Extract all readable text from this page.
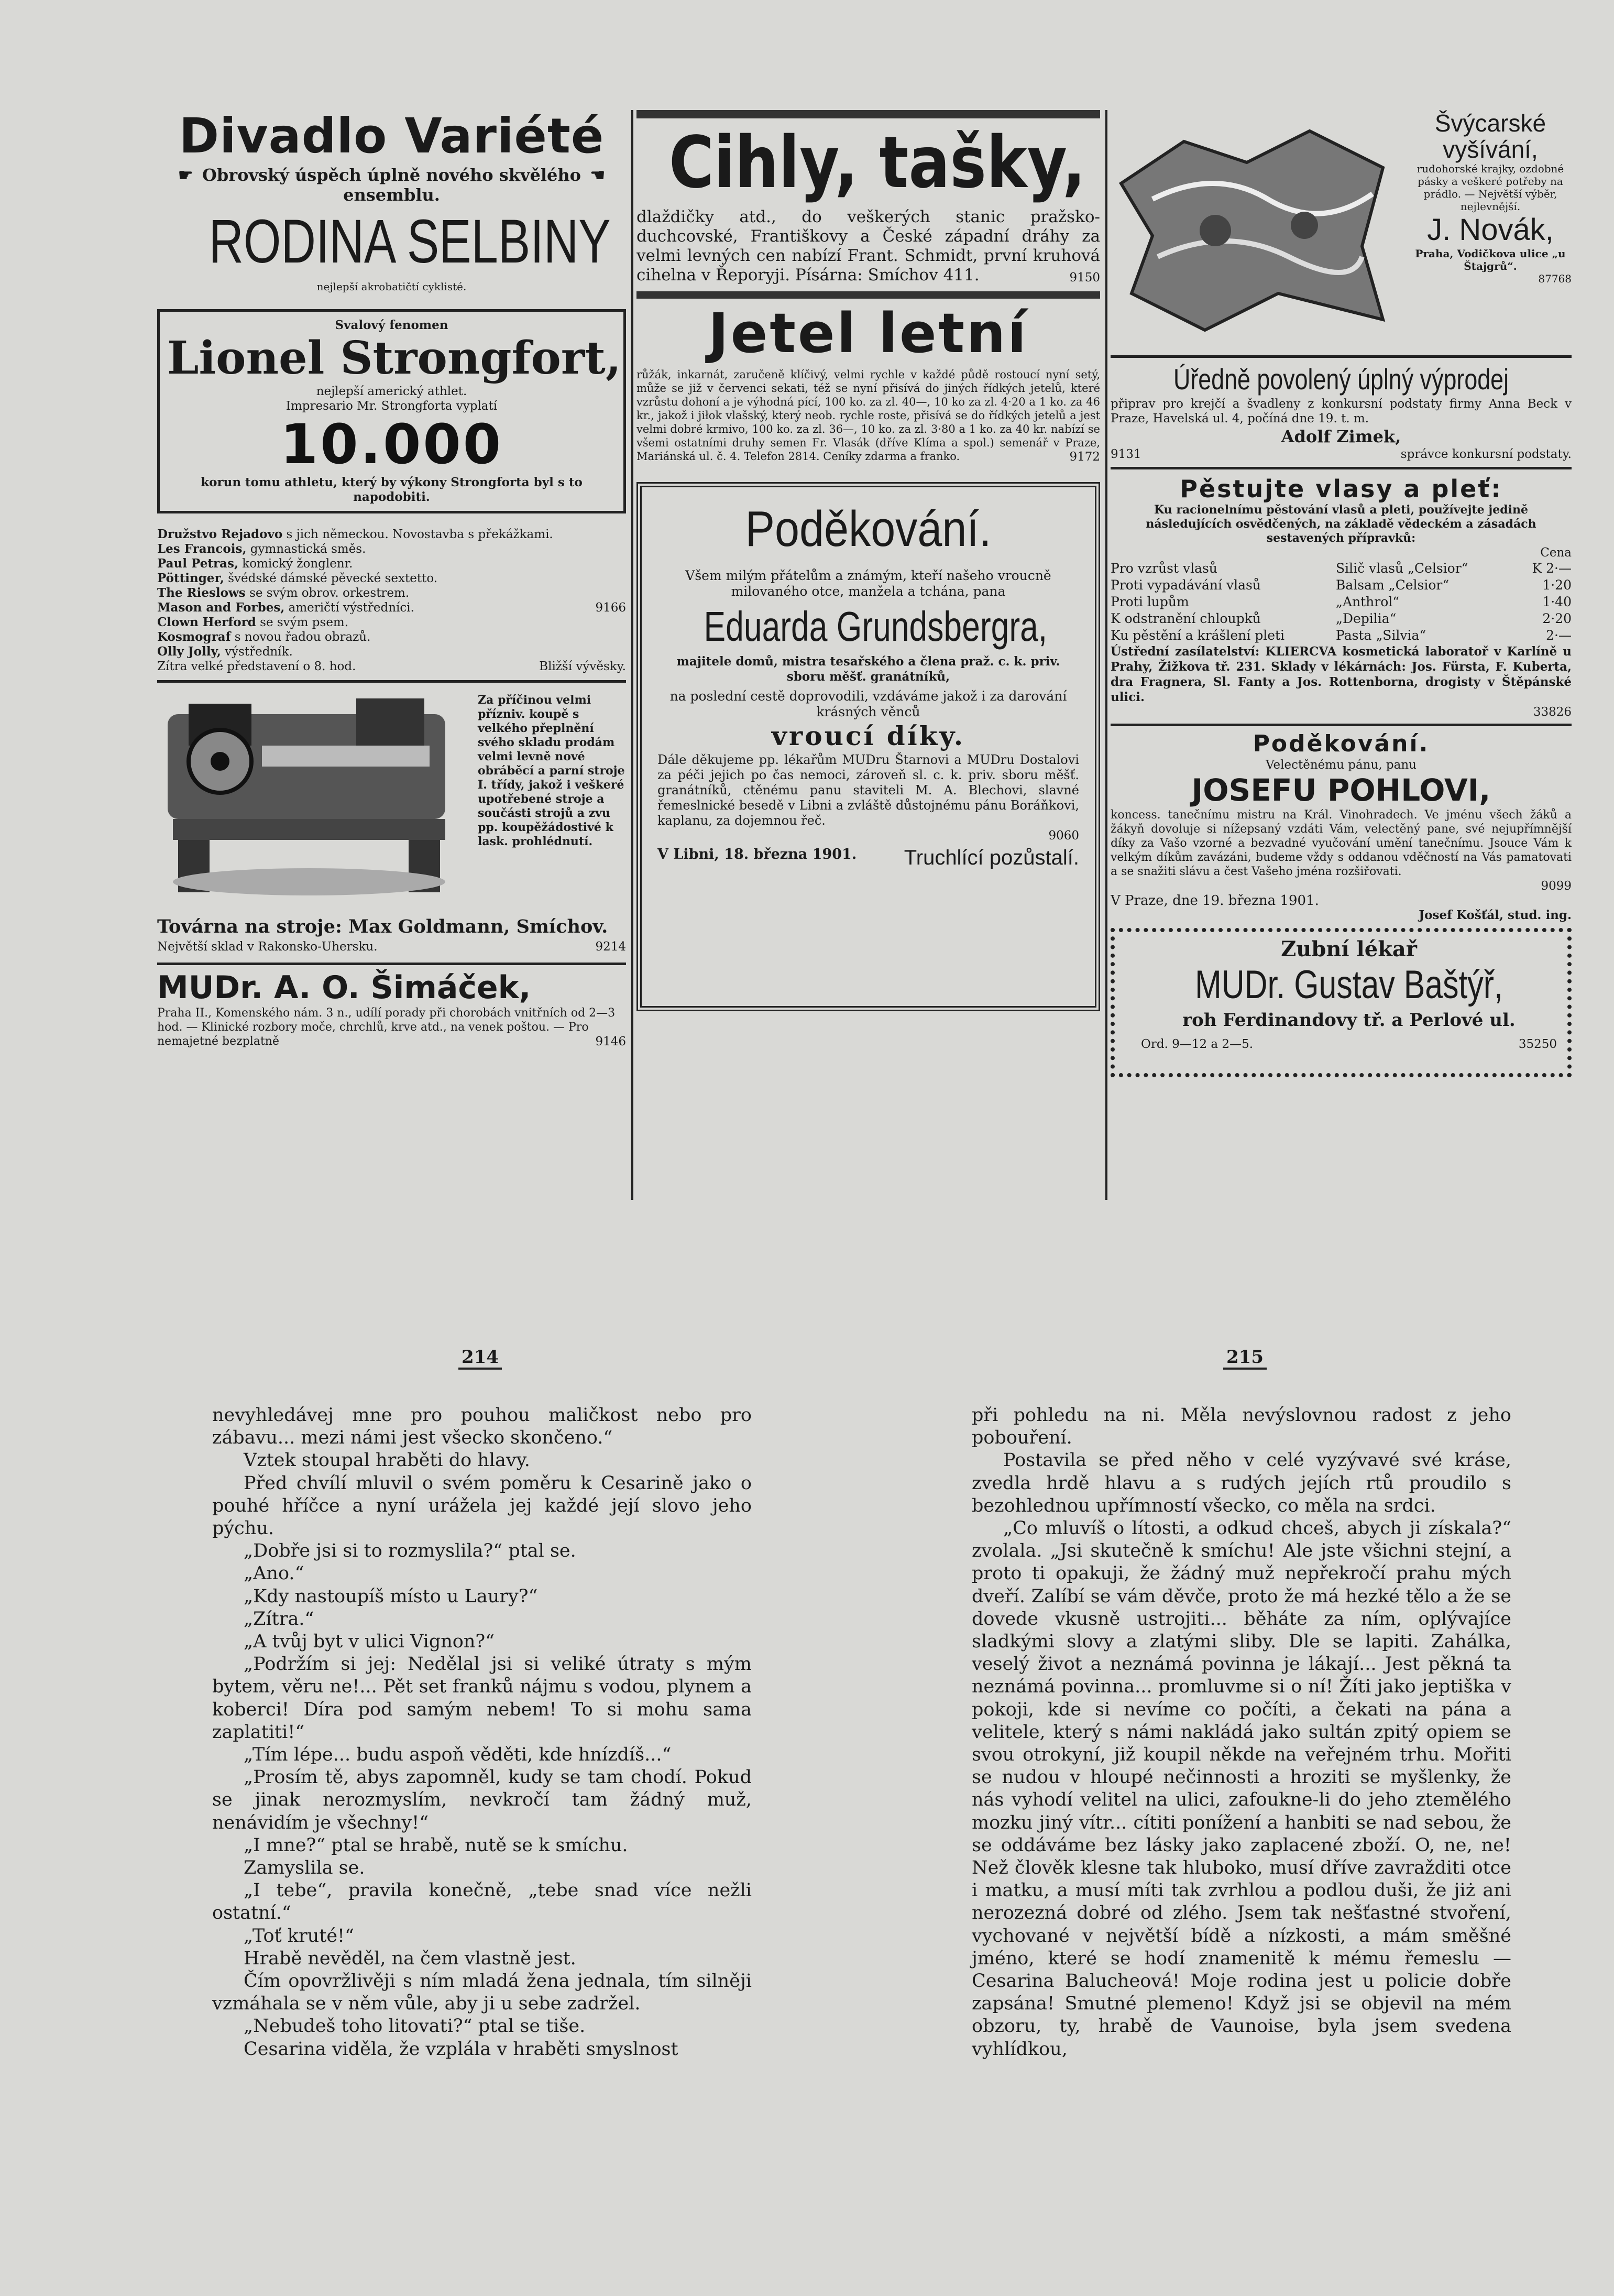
Divadlo Variété
☛	☚
Obrovský úspěch úplně nového skvělého ensemblu.
RODINA SELBINY
nejlepší akrobatičtí cyklisté.
Svalový fenomen
Lionel Strongfort,
nejlepší americký athlet.
Impresario Mr. Strongforta vyplatí
10.000
korun tomu athletu, který by výkony Strongforta byl s to napodobiti.
Družstvo Rejadovo s jich německou. Novostavba s překážkami.
Les Francois, gymnastická směs.
Paul Petras, komický žonglenr.
Pöttinger, švédské dámské pěvecké sextetto.
The Rieslows se svým obrov. orkestrem.
Mason and Forbes, američtí výstředníci.	9166
Clown Herford se svým psem.
Kosmograf s novou řadou obrazů.
Olly Jolly, výstředník.
Zítra velké představení o 8. hod.	Bližší vývěsky.
Za příčinou velmi přízniv. koupě s velkého přeplnění svého skladu prodám velmi levně nové obráběcí a parní stroje I. třídy, jakož i veškeré upotřebené stroje a součásti strojů a zvu pp. koupěžádostivé k lask. prohlédnutí.
Továrna na stroje: Max Goldmann, Smíchov.
Největší sklad v Rakonsko-Uhersku.	9214
MUDr. A. O. Šimáček,
Praha II., Komenského nám. 3 n., udílí porady při chorobách vnitřních od 2—3 hod. — Klinické rozbory moče, chrchlů, krve atd., na venek poštou. — Pro nemajetné bezplatně	9146
Cihly, tašky,
dlaždičky atd., do veškerých stanic pražsko-duchcovské, Františkovy a České západní dráhy za velmi levných cen nabízí Frant. Schmidt, první kruhová cihelna v Řeporyji. Písárna: Smíchov 411.	9150
Jetel letní
růžák, inkarnát, zaručeně klíčivý, velmi rychle v každé půdě rostoucí nyní setý, může se již v červenci sekati, též se nyní přisívá do jiných řídkých jetelů, které vzrůstu dohoní a je výhodná pící, 100 ko. za zl. 40—, 10 ko za zl. 4·20 a 1 ko. za 46 kr., jakož i jiłok vlašský, který neob. rychle roste, přisívá se do řídkých jetelů a jest velmi dobré krmivo, 100 ko. za zl. 36—, 10 ko. za zl. 3·80 a 1 ko. za 40 kr. nabízí se všemi ostatními druhy semen Fr. Vlasák (dříve Klíma a spol.) semenář v Praze, Mariánská ul. č. 4. Telefon 2814. Ceníky zdarma a franko.	9172
Poděkování.
Všem milým přátelům a známým, kteří našeho vroucně milovaného otce, manžela a tchána, pana
Eduarda Grundsbergra,
majitele domů, mistra tesařského a člena praž. c. k. priv. sboru měšť. granátníků,
na poslední cestě doprovodili, vzdáváme jakož i za darování krásných věnců
vroucí díky.
Dále děkujeme pp. lékařům MUDru Štarnovi a MUDru Dostalovi za péči jejich po čas nemoci, zároveň sl. c. k. priv. sboru měšť. granátníků, ctěnému panu staviteli M. A. Blechovi, slavné řemeslnické besedě v Libni a zvláště důstojnému pánu Boráňkovi, kaplanu, za dojemnou řeč.
9060
V Libni, 18. března 1901. Truchlící pozůstalí.
Švýcarské vyšívání,
rudohorské krajky, ozdobné pásky a veškeré potřeby na prádlo. — Největší výběr, nejlevnější.
J. Novák,
Praha, Vodičkova ulice „u Štajgrů“.
87768
Úředně povolený úplný výprodej
připrav pro krejčí a švadleny z konkursní podstaty firmy Anna Beck v Praze, Havelská ul. 4, počíná dne 19. t. m.
Adolf Zimek,
9131	správce konkursní podstaty.
Pěstujte vlasy a pleť:
Ku racionelnímu pěstování vlasů a pleti, používejte jedině následujících osvědčených, na základě vědeckém a zásadách sestavených přípravků:
Cena
Pro vzrůst vlasů	Silič vlasů „Celsior“	K 2·—
Proti vypadávání vlasů	Balsam „Celsior“	1·20
Proti lupům	„Anthrol“	1·40
K odstranění chloupků	„Depilia“	2·20
Ku pěstění a krášlení pleti	Pasta „Silvia“	2·—
Ústřední zasílatelství: KLIERCVA kosmetická laboratoř v Karlíně u Prahy, Žižkova tř. 231. Sklady v lékárnách: Jos. Fürsta, F. Kuberta, dra Fragnera, Sl. Fanty a Jos. Rottenborna, drogisty v Štěpánské ulici.
33826
Poděkování.
Velectěnému pánu, panu
JOSEFU POHLOVI,
koncess. tanečnímu mistru na Král. Vinohradech. Ve jménu všech žáků a žákyň dovoluje si nížepsaný vzdáti Vám, velectěný pane, své nejupřímnější díky za Vašo vzorné a bezvadné vyučování umění tanečnímu. Jsouce Vám k velkým díkům zavázáni, budeme vždy s oddanou vděčností na Vás pamatovati a se snažiti slávu a čest Vašeho jména rozšiřovati.
9099
V Praze, dne 19. března 1901.
Josef Košťál, stud. ing.
Zubní lékař
MUDr. Gustav Baštýř,
roh Ferdinandovy tř. a Perlové ul.
Ord. 9—12 a 2—5.	35250
214	215

nevyhledávej mne pro pouhou maličkost nebo pro zábavu... mezi námi jest všecko skončeno.“

Vztek stoupal hraběti do hlavy.

Před chvílí mluvil o svém poměru k Cesarině jako o pouhé hříčce a nyní urážela jej každé její slovo jeho pýchu.

„Dobře jsi si to rozmyslila?“ ptal se.

„Ano.“

„Kdy nastoupíš místo u Laury?“

„Zítra.“

„A tvůj byt v ulici Vignon?“

„Podržím si jej: Nedělal jsi si veliké útraty s mým bytem, věru ne!... Pět set franků nájmu s vodou, plynem a koberci! Díra pod samým nebem! To si mohu sama zaplatiti!“

„Tím lépe... budu aspoň věděti, kde hnízdíš...“

„Prosím tě, abys zapomněl, kudy se tam chodí. Pokud se jinak nerozmyslím, nevkročí tam žádný muž, nenávidím je všechny!“

„I mne?“ ptal se hrabě, nutě se k smíchu.

Zamyslila se.

„I tebe“, pravila konečně, „tebe snad více nežli ostatní.“

„Toť kruté!“

Hrabě nevěděl, na čem vlastně jest.

Čím opovržlivěji s ním mladá žena jednala, tím silněji vzmáhala se v něm vůle, aby ji u sebe zadržel.

„Nebudeš toho litovati?“ ptal se tiše.

Cesarina viděla, že vzplála v hraběti smyslnost

při pohledu na ni. Měla nevýslovnou radost z jeho pobouření.

Postavila se před něho v celé vyzývavé své kráse, zvedla hrdě hlavu a s rudých jejích rtů proudilo s bezohlednou upřímností všecko, co měla na srdci.

„Co mluvíš o lítosti, a odkud chceš, abych ji získala?“ zvolala. „Jsi skutečně k smíchu! Ale jste všichni stejní, a proto ti opakuji, že žádný muž nepřekročí prahu mých dveří. Zalíbí se vám děvče, proto že má hezké tělo a že se dovede vkusně ustrojiti... běháte za ním, oplývajíce sladkými slovy a zlatými sliby. Dle se lapiti. Zahálka, veselý život a neznámá povinna je lákají... Jest pěkná ta neznámá povinna... promluvme si o ní! Žíti jako jeptiška v pokoji, kde si nevíme co počíti, a čekati na pána a velitele, který s námi nakládá jako sultán zpitý opiem se svou otrokyní, již koupil někde na veřejném trhu. Mořiti se nudou v hloupé nečinnosti a hroziti se myšlenky, že nás vyhodí velitel na ulici, zafoukne-li do jeho ztemělého mozku jiný vítr... cítiti ponížení a hanbiti se nad sebou, že se oddáváme bez lásky jako zaplacené zboží. O, ne, ne! Než člověk klesne tak hluboko, musí dříve zavražditi otce i matku, a musí míti tak zvrhlou a podlou duši, že jiż ani nerozezná dobré od zlého. Jsem tak nešťastné stvoření, vychované v největší bídě a nízkosti, a mám směšné jméno, které se hodí znamenitě k mému řemeslu — Cesarina Balucheová! Moje rodina jest u policie dobře zapsána! Smutné plemeno! Když jsi se objevil na mém obzoru, ty, hrabě de Vaunoise, byla jsem svedena vyhlídkou,
